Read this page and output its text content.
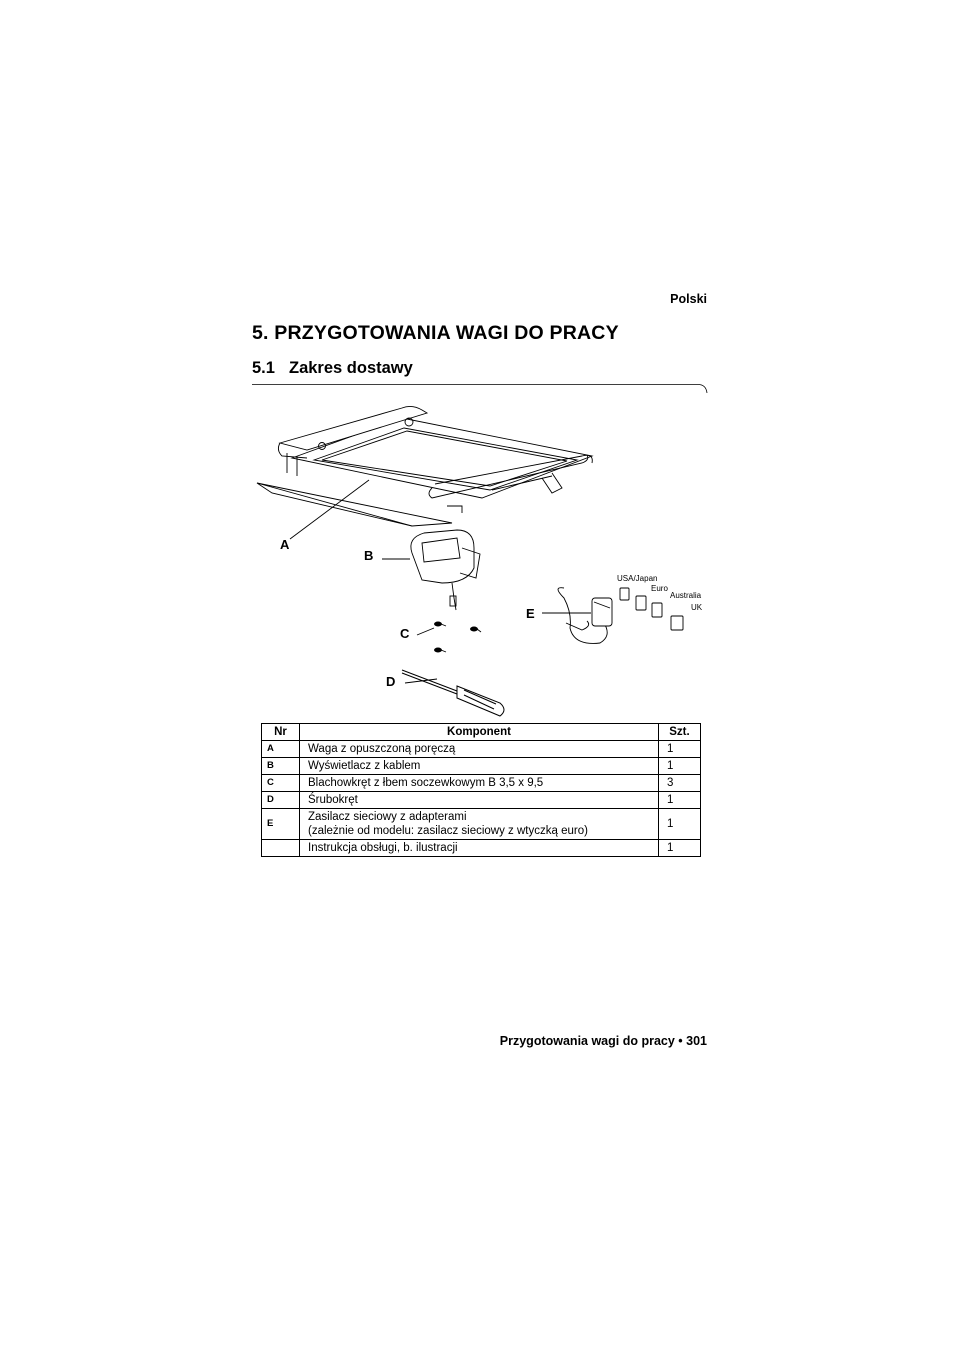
Polski
5. PRZYGOTOWANIA WAGI DO PRACY
5.1 Zakres dostawy
A
B
C
D
E
USA/Japan
Euro
Australia
UK
Nr	Komponent	Szt.
A	Waga z opuszczoną poręczą	1
B	Wyświetlacz z kablem	1
C	Blachowkręt z łbem soczewkowym B 3,5 x 9,5	3
D	Śrubokręt	1
E	Zasilacz sieciowy z adapterami
(zależnie od modelu: zasilacz sieciowy z wtyczką euro)	1
	Instrukcja obsługi, b. ilustracji	1
Przygotowania wagi do pracy • 301
